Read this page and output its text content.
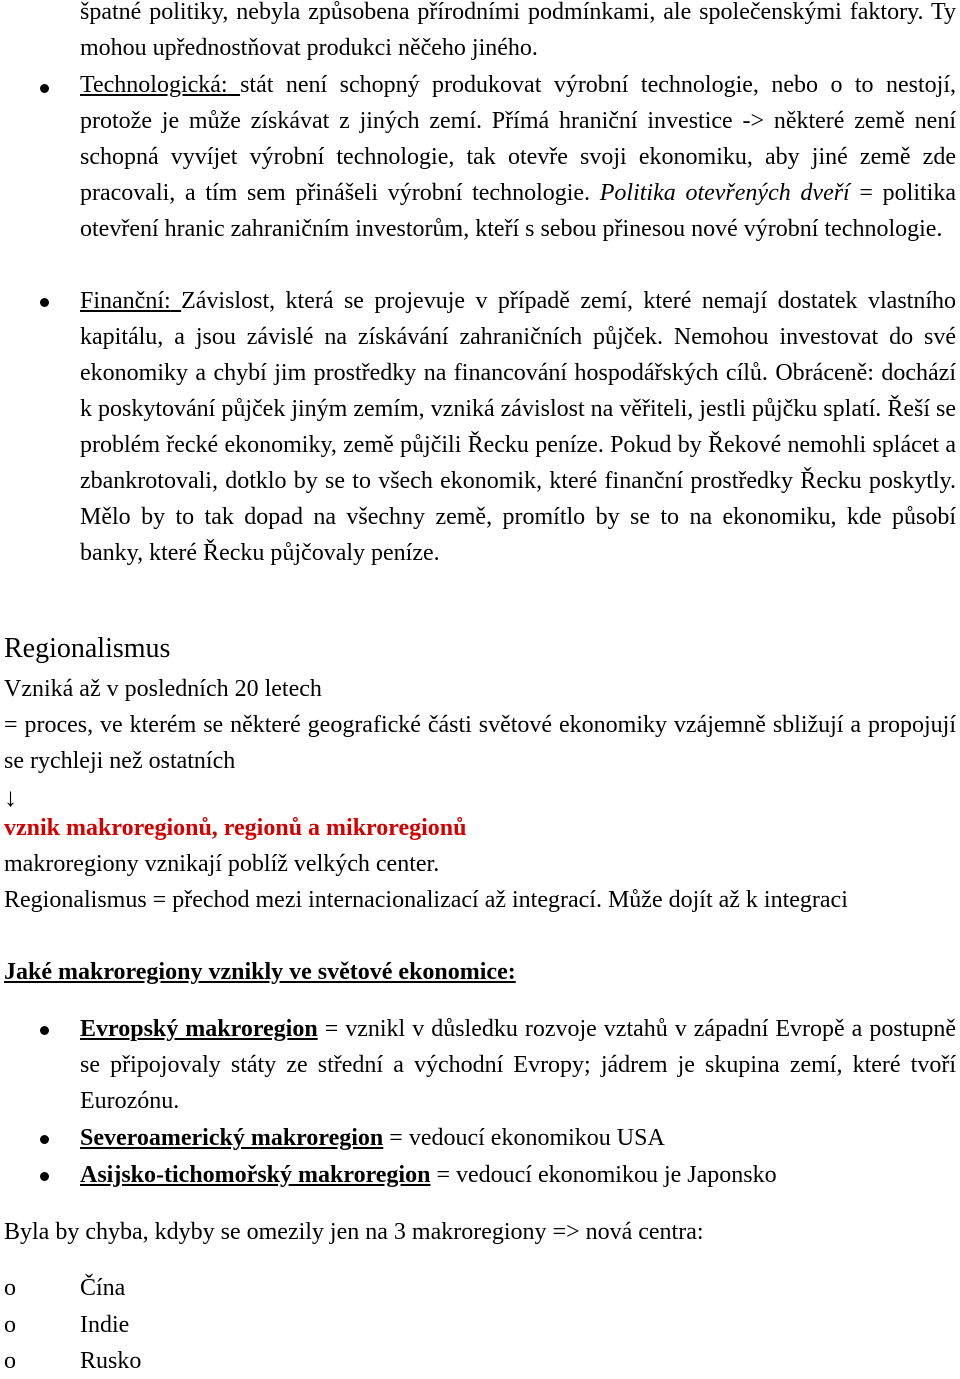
špatné politiky, nebyla způsobena přírodními podmínkami, ale společenskými faktory. Ty mohou upřednostňovat produkci něčeho jiného.
Technologická: stát není schopný produkovat výrobní technologie, nebo o to nestojí, protože je může získávat z jiných zemí. Přímá hraniční investice -> některé země není schopná vyvíjet výrobní technologie, tak otevře svoji ekonomiku, aby jiné země zde pracovali, a tím sem přinášeli výrobní technologie. Politika otevřených dveří = politika otevření hranic zahraničním investorům, kteří s sebou přinesou nové výrobní technologie.
Finanční: Závislost, která se projevuje v případě zemí, které nemají dostatek vlastního kapitálu, a jsou závislé na získávání zahraničních půjček. Nemohou investovat do své ekonomiky a chybí jim prostředky na financování hospodářských cílů. Obráceně: dochází k poskytování půjček jiným zemím, vzniká závislost na věřiteli, jestli půjčku splatí. Řeší se problém řecké ekonomiky, země půjčili Řecku peníze. Pokud by Řekové nemohli splácet a zbankrotovali, dotklo by se to všech ekonomik, které finanční prostředky Řecku poskytly. Mělo by to tak dopad na všechny země, promítlo by se to na ekonomiku, kde působí banky, které Řecku půjčovaly peníze.
Regionalismus
Vzniká až v posledních 20 letech
= proces, ve kterém se některé geografické části světové ekonomiky vzájemně sbližují a propojují se rychleji než ostatních
↓
vznik makroregionů, regionů a mikroregionů
makroregiony vznikají poblíž velkých center.
Regionalismus = přechod mezi internacionalizací až integrací. Může dojít až k integraci
Jaké makroregiony vznikly ve světové ekonomice:
Evropský makroregion = vznikl v důsledku rozvoje vztahů v západní Evropě a postupně se připojovaly státy ze střední a východní Evropy; jádrem je skupina zemí, které tvoří Eurozónu.
Severoamerický makroregion = vedoucí ekonomikou USA
Asijsko-tichomořský makroregion = vedoucí ekonomikou je Japonsko
Byla by chyba, kdyby se omezily jen na 3 makroregiony => nová centra:
o	Čína
o	Indie
o	Rusko
